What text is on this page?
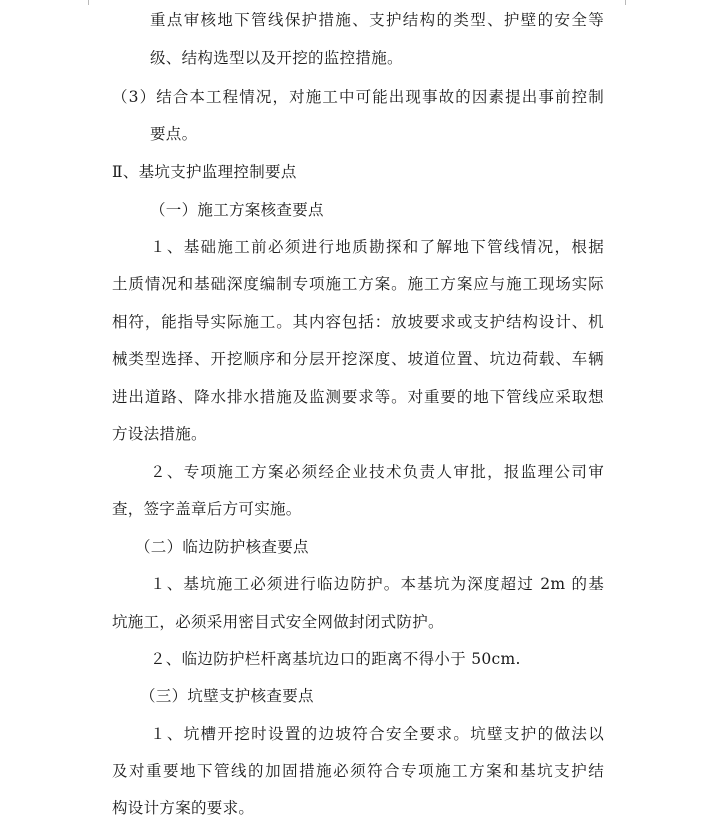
重点审核地下管线保护措施、支护结构的类型、护壁的安全等
级、结构选型以及开挖的监控措施。
（3）结合本工程情况，对施工中可能出现事故的因素提出事前控制
要点。
Ⅱ、基坑支护监理控制要点
（一）施工方案核查要点
１、基础施工前必须进行地质勘探和了解地下管线情况，根据
土质情况和基础深度编制专项施工方案。施工方案应与施工现场实际
相符，能指导实际施工。其内容包括：放坡要求或支护结构设计、机
械类型选择、开挖顺序和分层开挖深度、坡道位置、坑边荷载、车辆
进出道路、降水排水措施及监测要求等。对重要的地下管线应采取想
方设法措施。
２、专项施工方案必须经企业技术负责人审批，报监理公司审
查，签字盖章后方可实施。
（二）临边防护核查要点
１、基坑施工必须进行临边防护。本基坑为深度超过 2m 的基
坑施工，必须采用密目式安全网做封闭式防护。
２、临边防护栏杆离基坑边口的距离不得小于 50cm.
（三）坑壁支护核查要点
１、坑槽开挖时设置的边坡符合安全要求。坑壁支护的做法以
及对重要地下管线的加固措施必须符合专项施工方案和基坑支护结
构设计方案的要求。
